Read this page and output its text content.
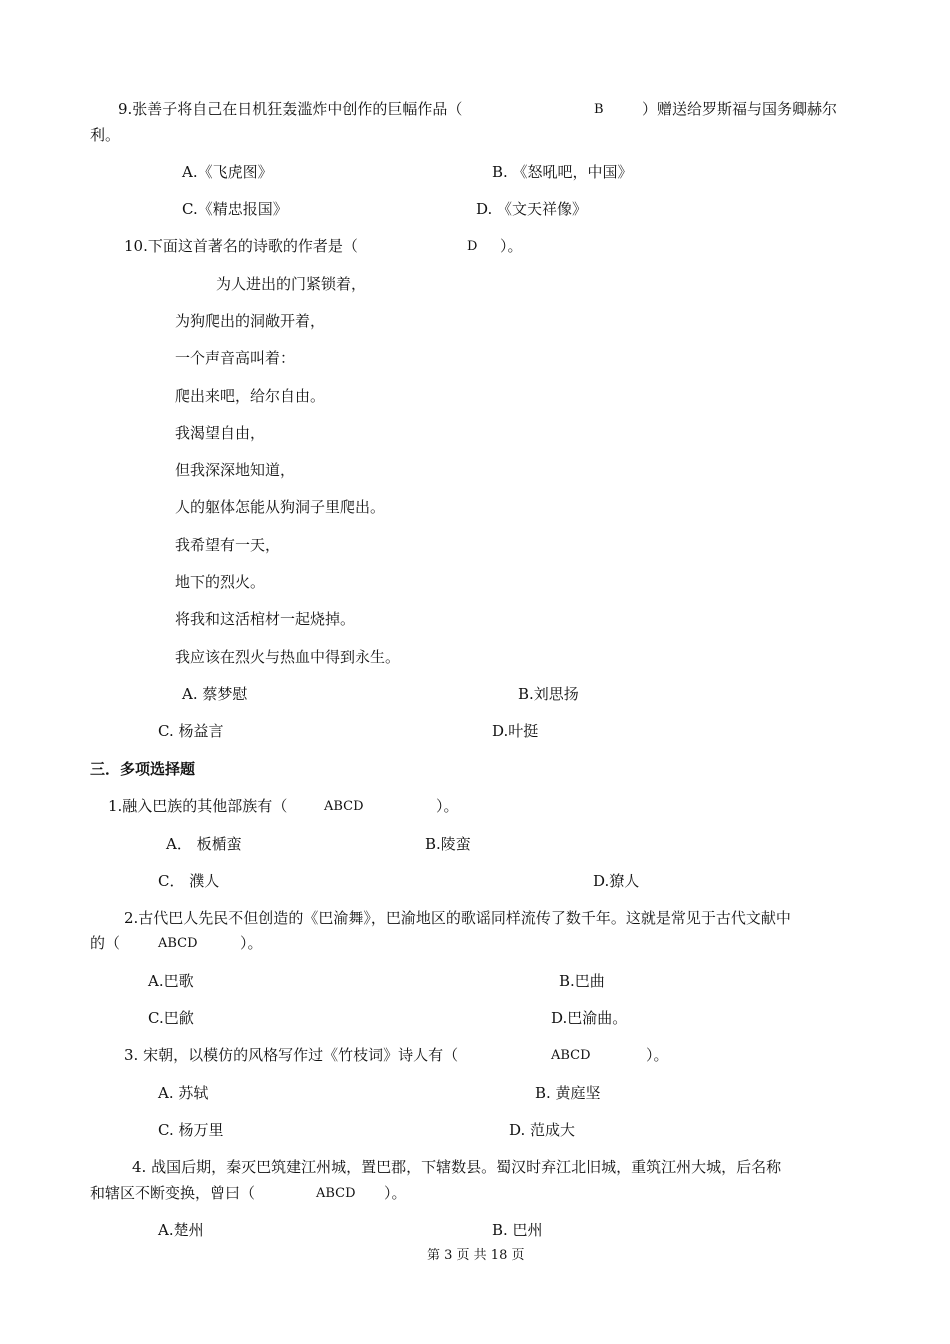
9.张善子将自己在日机狂轰滥炸中创作的巨幅作品（	B	）赠送给罗斯福与国务卿赫尔
利。
A.《飞虎图》	B. 《怒吼吧，中国》
C.《精忠报国》	D. 《文天祥像》
10.下面这首著名的诗歌的作者是（	D ）。
为人进出的门紧锁着，
为狗爬出的洞敞开着，
一个声音高叫着：
爬出来吧，给尔自由。
我渴望自由，
但我深深地知道，
人的躯体怎能从狗洞子里爬出。
我希望有一天，
地下的烈火。
将我和这活棺材一起烧掉。
我应该在烈火与热血中得到永生。
A. 蔡梦慰	B.刘思扬
C. 杨益言	D.叶挺
三．多项选择题
1.融入巴族的其他部族有（	ABCD	）。
A． 板楯蛮	B.陵蛮
C． 濮人	D.獠人
2.古代巴人先民不但创造的《巴渝舞》，巴渝地区的歌谣同样流传了数千年。这就是常见于古代文献中
的（	ABCD	）。
A.巴歌	B.巴曲
C.巴歈	D.巴渝曲。
3. 宋朝，以模仿的风格写作过《竹枝词》诗人有（	ABCD	）。
A. 苏轼	B. 黄庭坚
C. 杨万里	D. 范成大
4. 战国后期，秦灭巴筑建江州城，置巴郡，下辖数县。蜀汉时弃江北旧城，重筑江州大城，后名称
和辖区不断变换，曾曰（	ABCD ）。
A.楚州	B. 巴州
第 3 页 共 18 页
